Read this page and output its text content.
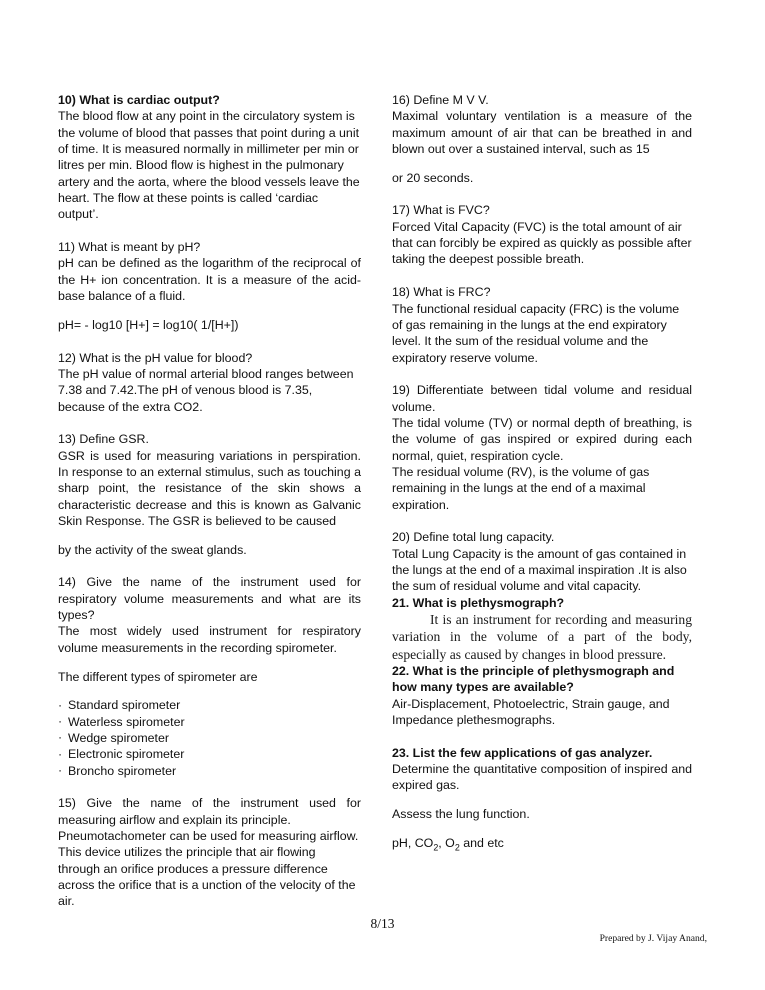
10) What is cardiac output?

The blood flow at any point in the circulatory system is the volume of blood that passes that point during a unit of time. It is measured normally in millimeter per min or litres per min. Blood flow is highest in the pulmonary artery and the aorta, where the blood vessels leave the heart. The flow at these points is called ‘cardiac output’.

11) What is meant by pH?

pH can be defined as the logarithm of the reciprocal of the H+ ion concentration. It is a measure of the acid-base balance of a fluid.

pH= - log10 [H+] = log10( 1/[H+])

12) What is the pH value for blood?

The pH value of normal arterial blood ranges between 7.38 and 7.42.The pH of venous blood is 7.35, because of the extra CO2.

13) Define GSR.

GSR is used for measuring variations in perspiration. In response to an external stimulus, such as touching a sharp point, the resistance of the skin shows a characteristic decrease and this is known as Galvanic Skin Response. The GSR is believed to be caused

by the activity of the sweat glands.

14) Give the name of the instrument used for respiratory volume measurements and what are its types?

The most widely used instrument for respiratory volume measurements in the recording spirometer.

The different types of spirometer are

· Standard spirometer
· Waterless spirometer
· Wedge spirometer
· Electronic spirometer
· Broncho spirometer

15) Give the name of the instrument used for measuring airflow and explain its principle.

Pneumotachometer can be used for measuring airflow. This device utilizes the principle that air flowing through an orifice produces a pressure difference across the orifice that is a unction of the velocity of the air.

16) Define M V V.

Maximal voluntary ventilation is a measure of the maximum amount of air that can be breathed in and blown out over a sustained interval, such as 15

or 20 seconds.

17) What is FVC?

Forced Vital Capacity (FVC) is the total amount of air that can forcibly be expired as quickly as possible after taking the deepest possible breath.

18) What is FRC?

The functional residual capacity (FRC) is the volume of gas remaining in the lungs at the end expiratory level. It the sum of the residual volume and the expiratory reserve volume.

19) Differentiate between tidal volume and residual volume.

The tidal volume (TV) or normal depth of breathing, is the volume of gas inspired or expired during each normal, quiet, respiration cycle.

The residual volume (RV), is the volume of gas remaining in the lungs at the end of a maximal expiration.

20) Define total lung capacity.

Total Lung Capacity is the amount of gas contained in the lungs at the end of a maximal inspiration .It is also the sum of residual volume and vital capacity.

21. What is plethysmograph?

It is an instrument for recording and measuring variation in the volume of a part of the body, especially as caused by changes in blood pressure.

22. What is the principle of plethysmograph and how many types are available?

Air-Displacement, Photoelectric, Strain gauge, and Impedance plethesmographs.

23. List the few applications of gas analyzer.

Determine the quantitative composition of inspired and expired gas.

Assess the lung function.

pH, $CO_2$, $O_2$ and etc

8/13
Prepared by J. Vijay Anand,
